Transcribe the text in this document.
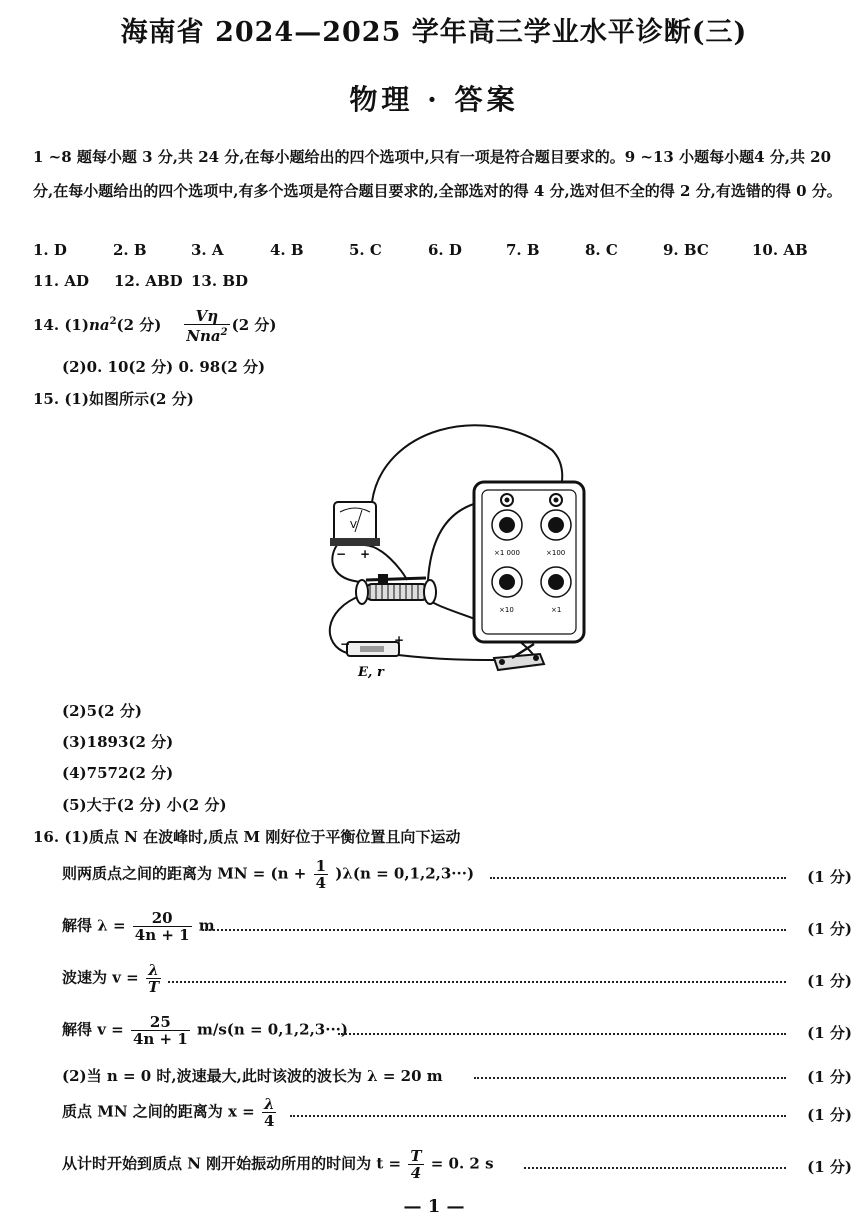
海南省 2024—2025 学年高三学业水平诊断(三)
物理 · 答案
1 ~8 题每小题 3 分,共 24 分,在每小题给出的四个选项中,只有一项是符合题目要求的。9 ~13 小题每小题4 分,共 20 分,在每小题给出的四个选项中,有多个选项是符合题目要求的,全部选对的得 4 分,选对但不全的得 2 分,有选错的得 0 分。
1. D	2. B	3. A	4. B	5. C	6. D	7. B	8. C	9. BC	10. AB
11. AD 12. ABD 13. BD
14. $(1)na^2(2$ 分) $\frac{V\eta}{Nna^2} (2$ 分)
(2)0. 10(2 分) 0. 98(2 分)
15. (1)如图所示(2 分)
V
− +
−	+
E, r
×1 000	×100
×10	×1
(2)5(2 分)
(3)1893(2 分)
(4)7572(2 分)
(5)大于(2 分) 小(2 分)
16. (1)质点 N 在波峰时,质点 M 刚好位于平衡位置且向下运动
则两质点之间的距离为 MN = $(n + \frac{1}{4} )\lambda(n = 0,1,2,3\cdot\cdot\cdot)$	(1 分)
解得 $\lambda = \frac{20}{4n + 1}$ m	(1 分)
波速为 $v = \frac{\lambda}{T}$	(1 分)
解得 $v = \frac{25}{4n + 1} m/s(n = 0,1,2,3\cdot\cdot\cdot)$	(1 分)
(2)当 n = 0 时,波速最大,此时该波的波长为 λ = 20 m	(1 分)
质点 MN 之间的距离为 $x = \frac{\lambda}{4}$	(1 分)
从计时开始到质点 N 刚开始振动所用的时间为 $t = \frac{T}{4} = 0$. 2 s	(1 分)
— 1 —
